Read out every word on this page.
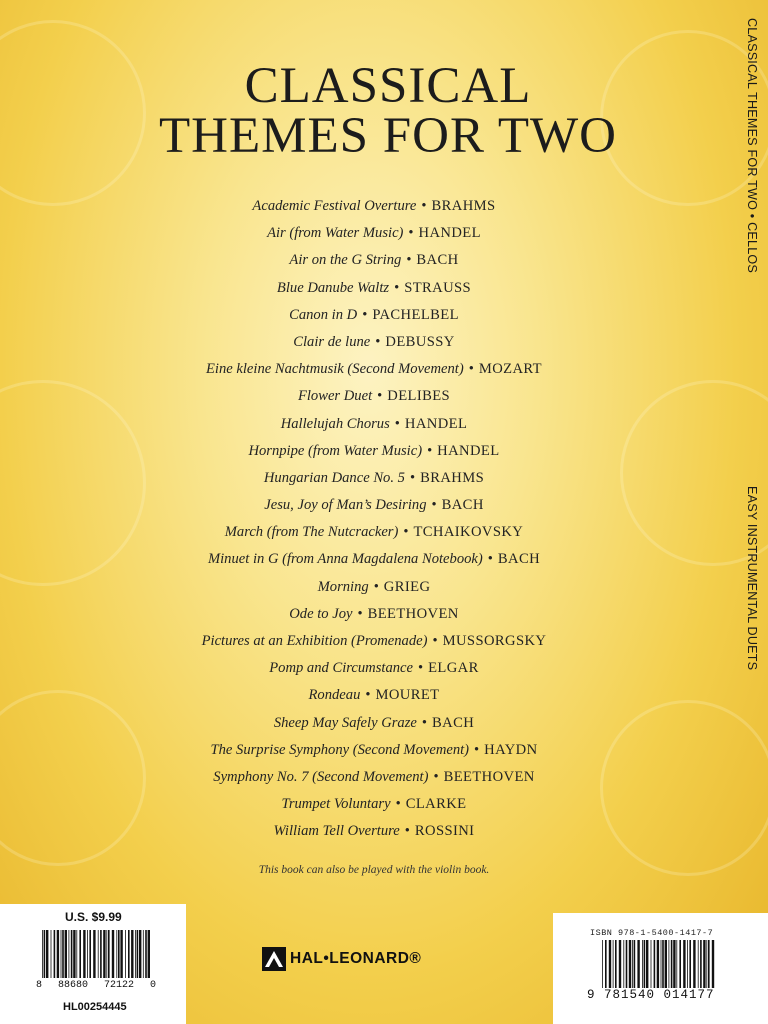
CLASSICAL
THEMES FOR TWO
Academic Festival Overture • BRAHMS
Air (from Water Music) • HANDEL
Air on the G String • BACH
Blue Danube Waltz • STRAUSS
Canon in D • PACHELBEL
Clair de lune • DEBUSSY
Eine kleine Nachtmusik (Second Movement) • MOZART
Flower Duet • DELIBES
Hallelujah Chorus • HANDEL
Hornpipe (from Water Music) • HANDEL
Hungarian Dance No. 5 • BRAHMS
Jesu, Joy of Man’s Desiring • BACH
March (from The Nutcracker) • TCHAIKOVSKY
Minuet in G (from Anna Magdalena Notebook) • BACH
Morning • GRIEG
Ode to Joy • BEETHOVEN
Pictures at an Exhibition (Promenade) • MUSSORGSKY
Pomp and Circumstance • ELGAR
Rondeau • MOURET
Sheep May Safely Graze • BACH
The Surprise Symphony (Second Movement) • HAYDN
Symphony No. 7 (Second Movement) • BEETHOVEN
Trumpet Voluntary • CLARKE
William Tell Overture • ROSSINI
This book can also be played with the violin book.
CLASSICAL THEMES FOR TWO • CELLOS
EASY INSTRUMENTAL DUETS
U.S. $9.99
8 88680 72122 0
HL00254445
HAL•LEONARD®
ISBN 978-1-5400-1417-7
9 781540 014177
